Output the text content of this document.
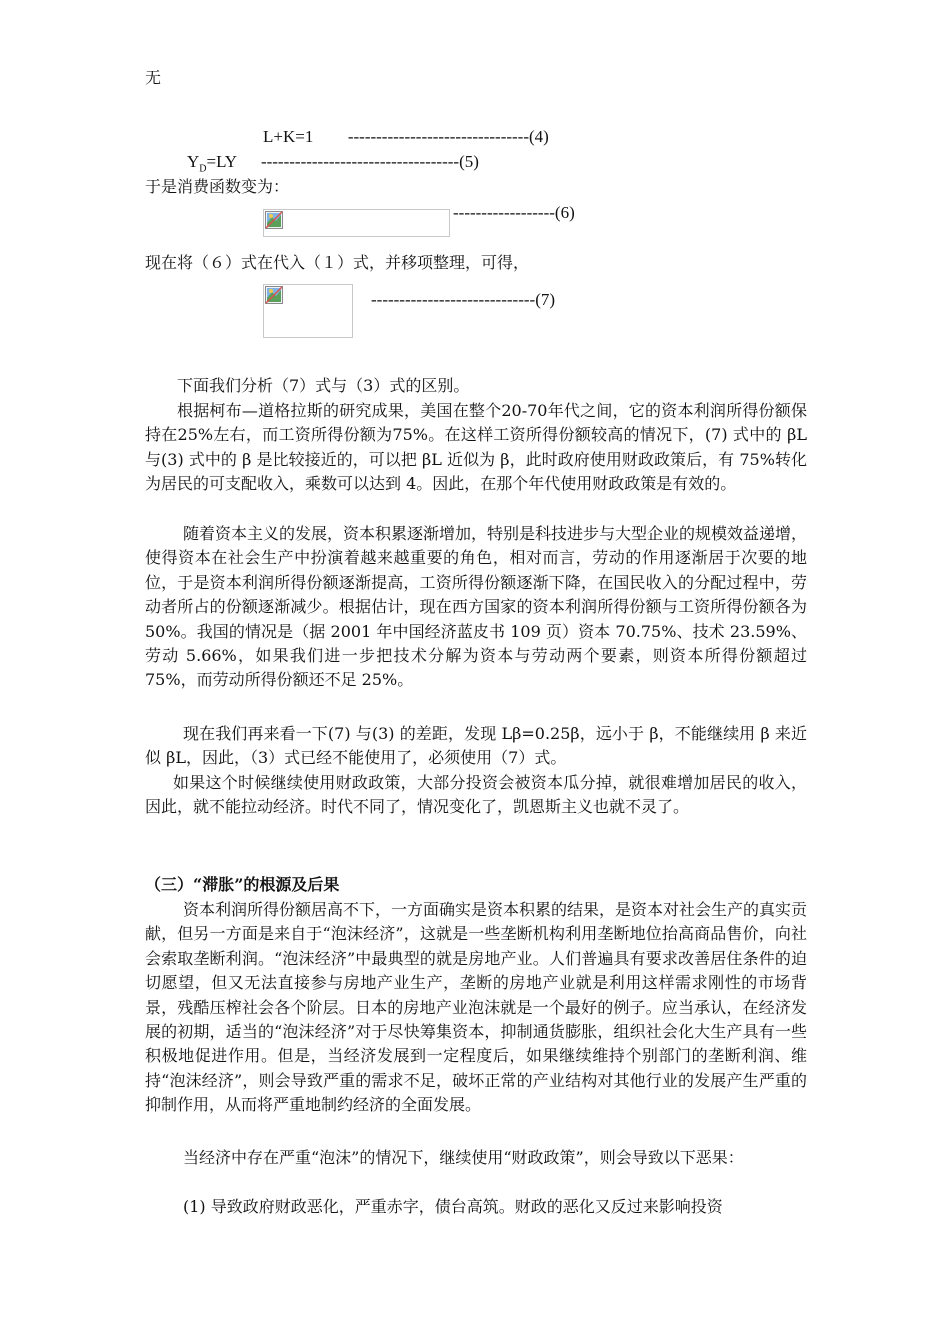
无
L+K=1 --------------------------------(4)
$Y_D=LY$ -----------------------------------(5)
于是消费函数变为：
------------------(6)
现在将（６）式在代入（１）式，并移项整理，可得，
-----------------------------(7)
下面我们分析（7）式与（3）式的区别。
根据柯布—道格拉斯的研究成果，美国在整个20-70年代之间，它的资本利润所得份额保持在25%左右，而工资所得份额为75%。在这样工资所得份额较高的情况下，(7) 式中的 βL 与(3) 式中的 β 是比较接近的，可以把 βL 近似为 β，此时政府使用财政政策后，有 75%转化为居民的可支配收入，乘数可以达到 4。因此，在那个年代使用财政政策是有效的。
随着资本主义的发展，资本积累逐渐增加，特别是科技进步与大型企业的规模效益递增，使得资本在社会生产中扮演着越来越重要的角色，相对而言，劳动的作用逐渐居于次要的地位，于是资本利润所得份额逐渐提高，工资所得份额逐渐下降，在国民收入的分配过程中，劳动者所占的份额逐渐减少。根据估计，现在西方国家的资本利润所得份额与工资所得份额各为 50%。我国的情况是（据 2001 年中国经济蓝皮书 109 页）资本 70.75%、技术 23.59%、劳动 5.66%，如果我们进一步把技术分解为资本与劳动两个要素，则资本所得份额超过 75%，而劳动所得份额还不足 25%。
现在我们再来看一下(7) 与(3) 的差距，发现 Lβ=0.25β，远小于 β，不能继续用 β 来近似 βL，因此，（3）式已经不能使用了，必须使用（7）式。
如果这个时候继续使用财政政策，大部分投资会被资本瓜分掉，就很难增加居民的收入，因此，就不能拉动经济。时代不同了，情况变化了，凯恩斯主义也就不灵了。
（三）“滞胀”的根源及后果
资本利润所得份额居高不下，一方面确实是资本积累的结果，是资本对社会生产的真实贡献，但另一方面是来自于“泡沫经济”，这就是一些垄断机构利用垄断地位抬高商品售价，向社会索取垄断利润。“泡沫经济”中最典型的就是房地产业。人们普遍具有要求改善居住条件的迫切愿望，但又无法直接参与房地产业生产，垄断的房地产业就是利用这样需求刚性的市场背景，残酷压榨社会各个阶层。日本的房地产业泡沫就是一个最好的例子。应当承认，在经济发展的初期，适当的“泡沫经济”对于尽快筹集资本，抑制通货膨胀，组织社会化大生产具有一些积极地促进作用。但是，当经济发展到一定程度后，如果继续维持个别部门的垄断利润、维持“泡沫经济”，则会导致严重的需求不足，破坏正常的产业结构对其他行业的发展产生严重的抑制作用，从而将严重地制约经济的全面发展。
当经济中存在严重“泡沫”的情况下，继续使用“财政政策”，则会导致以下恶果：
(1) 导致政府财政恶化，严重赤字，债台高筑。财政的恶化又反过来影响投资
